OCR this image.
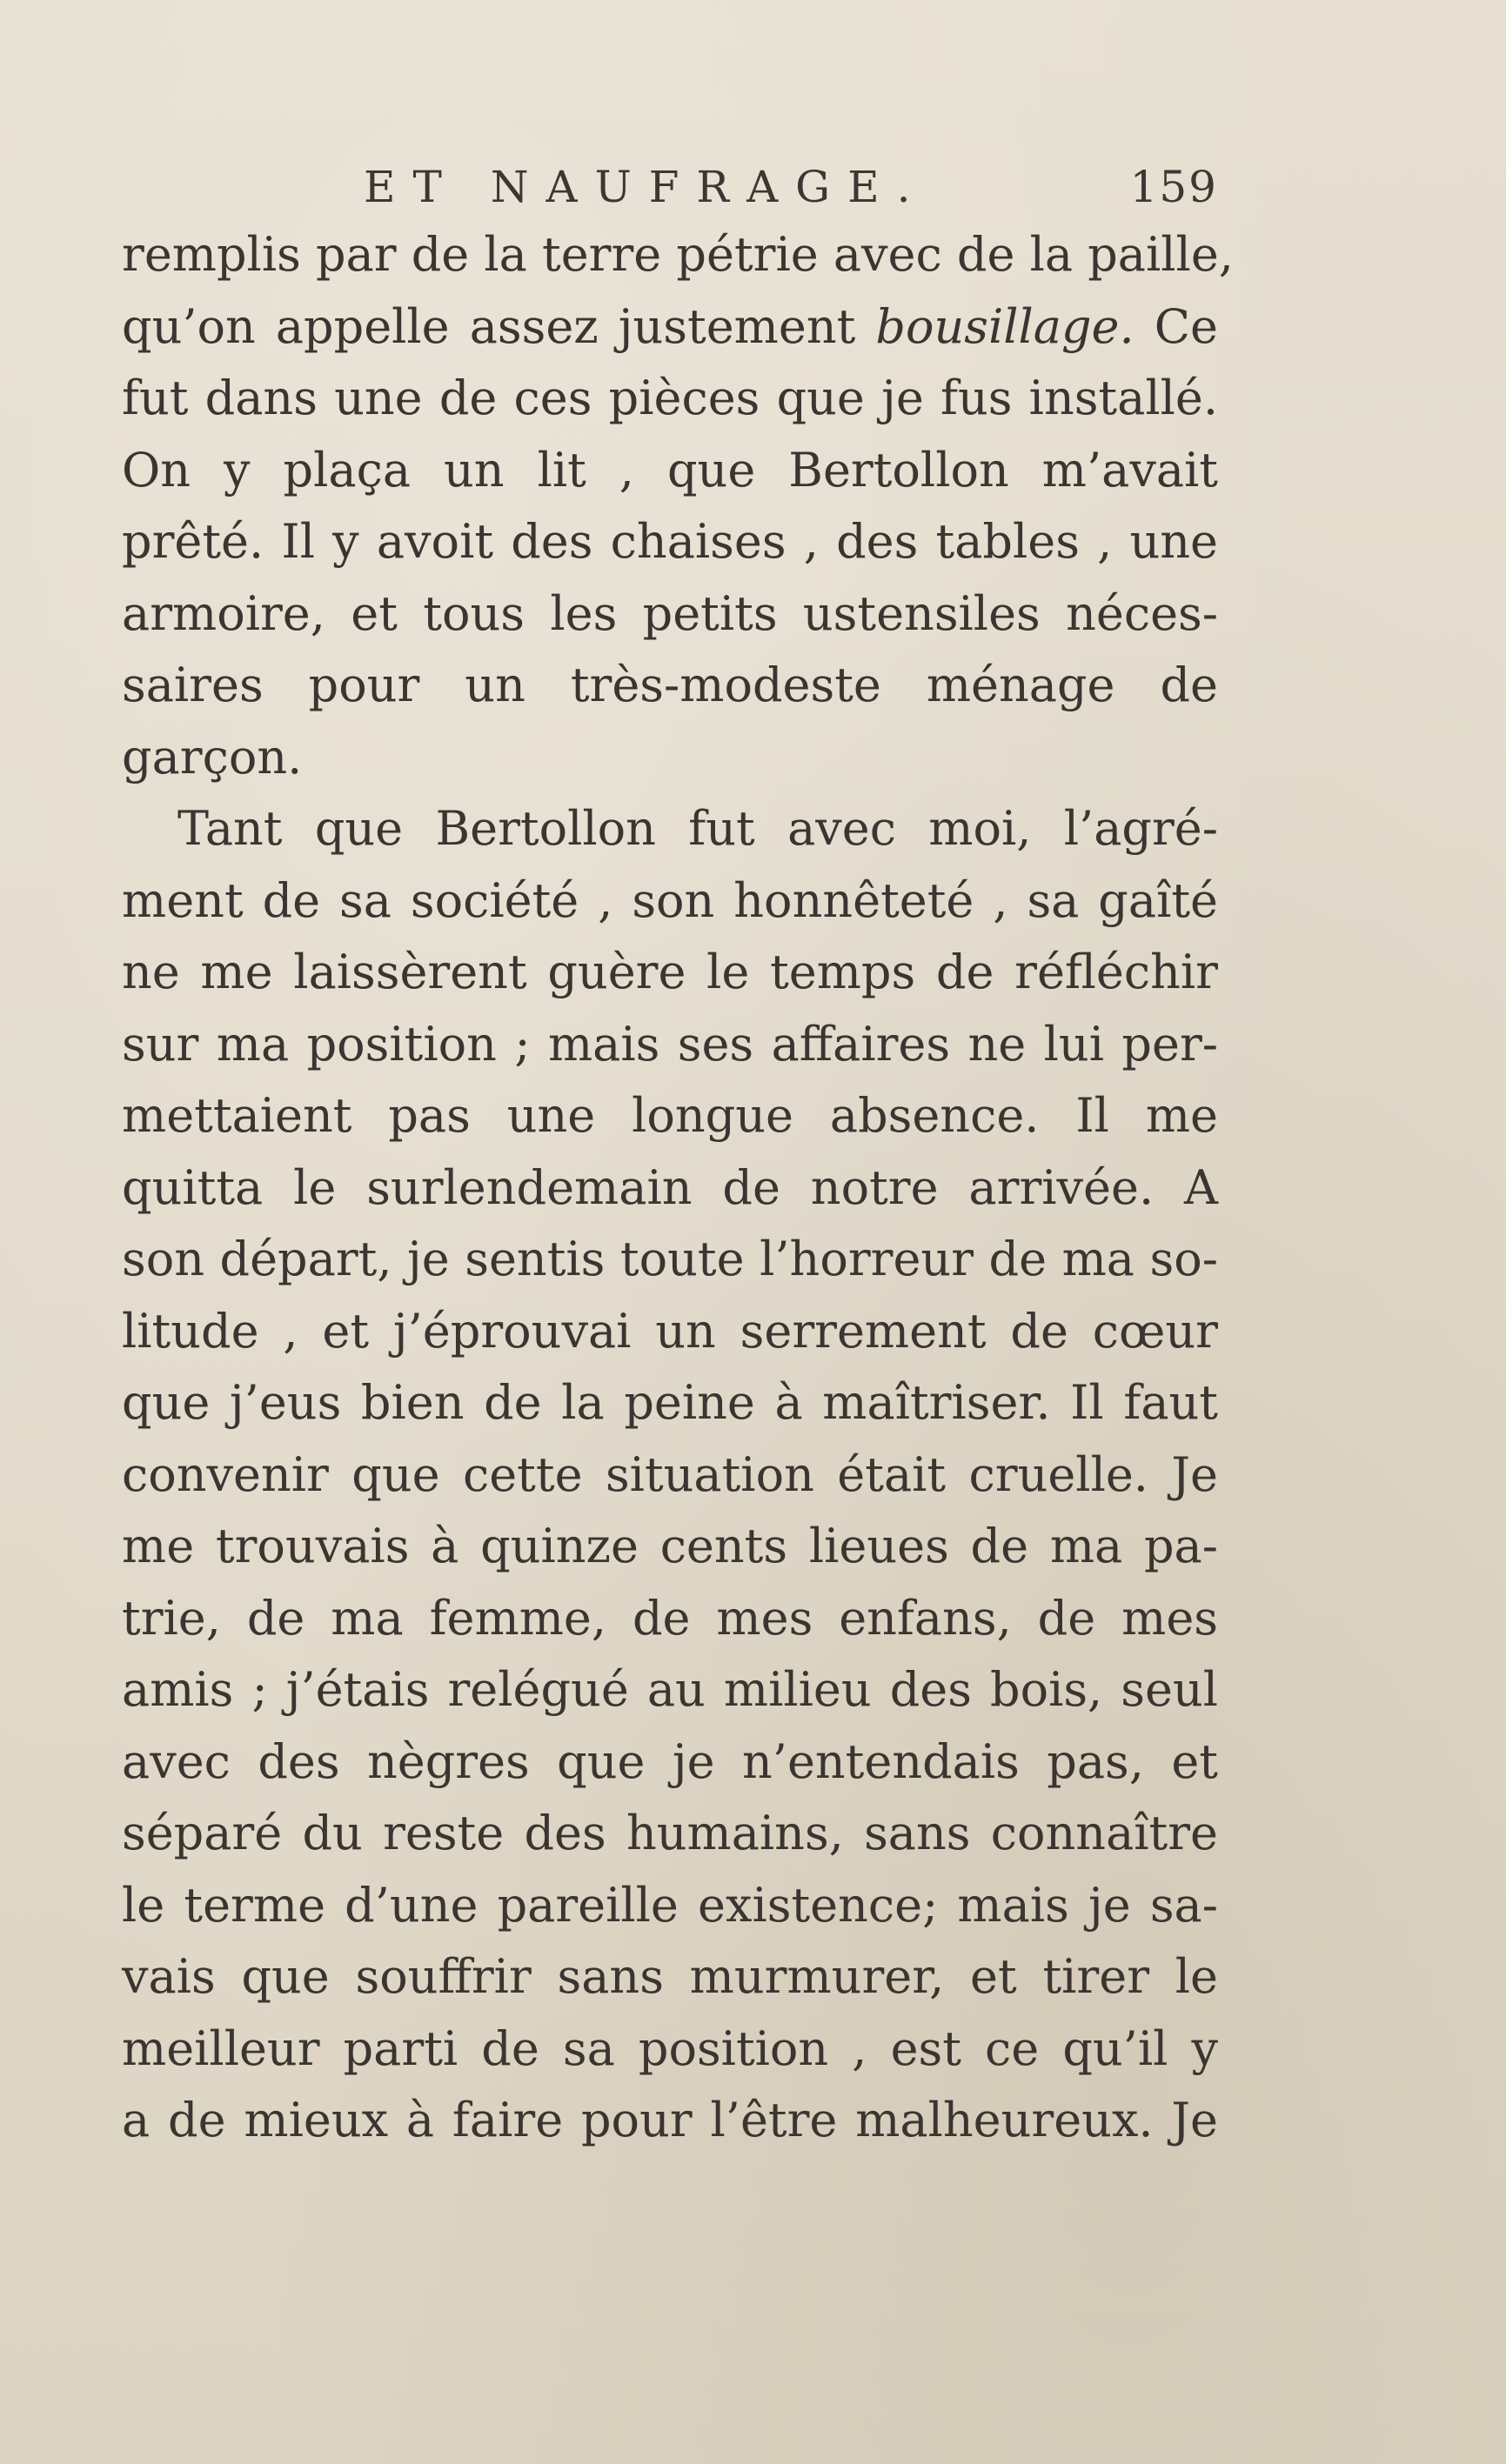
ET NAUFRAGE.	159
remplis par de la terre pétrie avec de la paille,
qu’on appelle assez justement bousillage. Ce
fut dans une de ces pièces que je fus installé.
On y plaça un lit , que Bertollon m’avait
prêté. Il y avoit des chaises , des tables , une
armoire, et tous les petits ustensiles néces-
saires pour un très-modeste ménage de
garçon.
Tant que Bertollon fut avec moi, l’agré-
ment de sa société , son honnêteté , sa gaîté
ne me laissèrent guère le temps de réfléchir
sur ma position ; mais ses affaires ne lui per-
mettaient pas une longue absence. Il me
quitta le surlendemain de notre arrivée. A
son départ, je sentis toute l’horreur de ma so-
litude , et j’éprouvai un serrement de cœur
que j’eus bien de la peine à maîtriser. Il faut
convenir que cette situation était cruelle. Je
me trouvais à quinze cents lieues de ma pa-
trie, de ma femme, de mes enfans, de mes
amis ; j’étais relégué au milieu des bois, seul
avec des nègres que je n’entendais pas, et
séparé du reste des humains, sans connaître
le terme d’une pareille existence; mais je sa-
vais que souffrir sans murmurer, et tirer le
meilleur parti de sa position , est ce qu’il y
a de mieux à faire pour l’être malheureux. Je
